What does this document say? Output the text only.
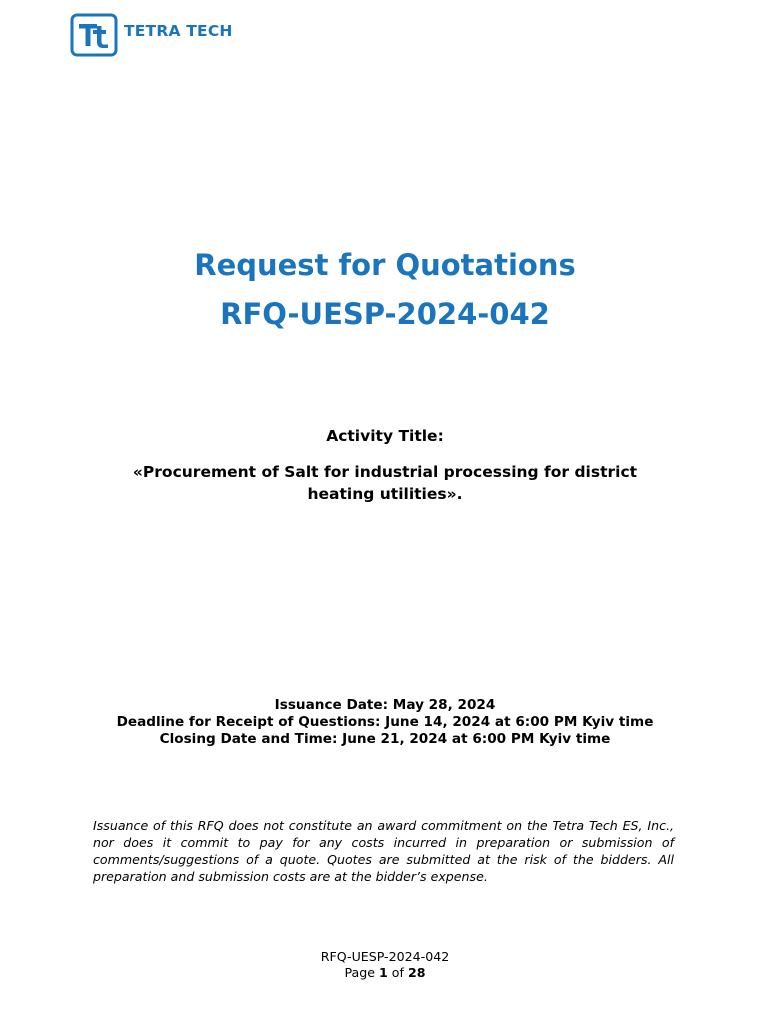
TETRA TECH
Request for Quotations
RFQ-UESP-2024-042
Activity Title:
«Procurement of Salt for industrial processing for district heating utilities».
Issuance Date: May 28, 2024
Deadline for Receipt of Questions: June 14, 2024 at 6:00 PM Kyiv time
Closing Date and Time: June 21, 2024 at 6:00 PM Kyiv time
Issuance of this RFQ does not constitute an award commitment on the Tetra Tech ES, Inc., nor does it commit to pay for any costs incurred in preparation or submission of comments/suggestions of a quote. Quotes are submitted at the risk of the bidders. All preparation and submission costs are at the bidder’s expense.
RFQ-UESP-2024-042
Page 1 of 28
